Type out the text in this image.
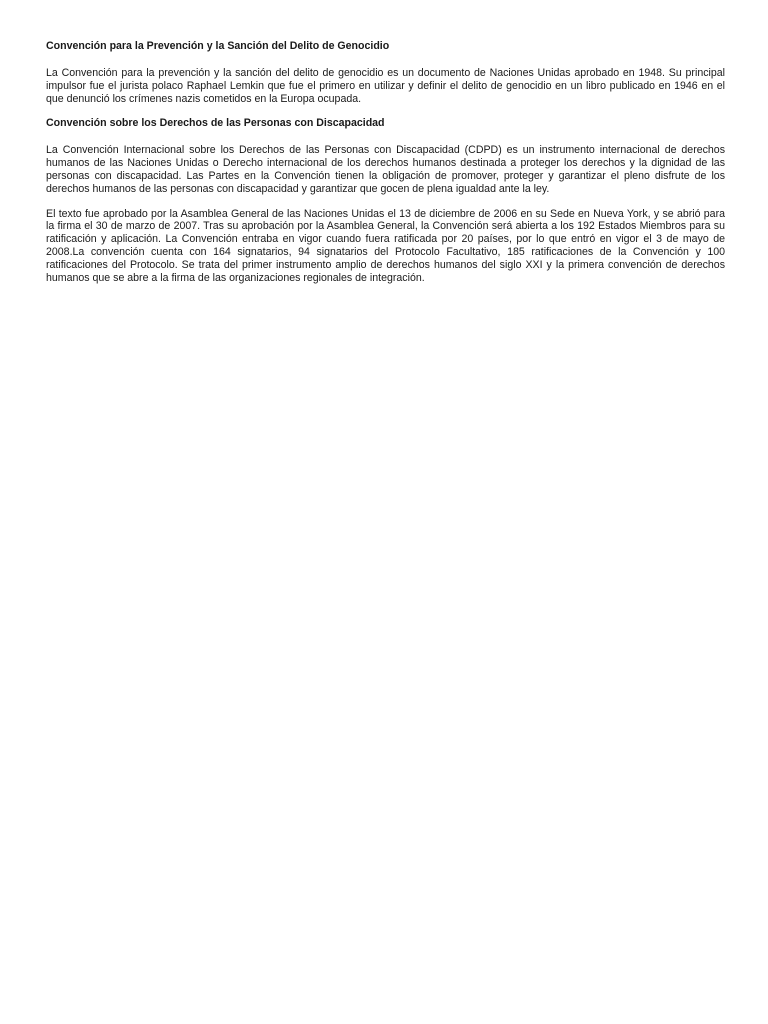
Convención para la Prevención y la Sanción del Delito de Genocidio

La Convención para la prevención y la sanción del delito de genocidio es un documento de Naciones Unidas aprobado en 1948. Su principal impulsor fue el jurista polaco Raphael Lemkin que fue el primero en utilizar y definir el delito de genocidio en un libro publicado en 1946 en el que denunció los crímenes nazis cometidos en la Europa ocupada.

Convención sobre los Derechos de las Personas con Discapacidad

La Convención Internacional sobre los Derechos de las Personas con Discapacidad (CDPD) es un instrumento internacional de derechos humanos de las Naciones Unidas o Derecho internacional de los derechos humanos destinada a proteger los derechos y la dignidad de las personas con discapacidad. Las Partes en la Convención tienen la obligación de promover, proteger y garantizar el pleno disfrute de los derechos humanos de las personas con discapacidad y garantizar que gocen de plena igualdad ante la ley.

El texto fue aprobado por la Asamblea General de las Naciones Unidas el 13 de diciembre de 2006 en su Sede en Nueva York, y se abrió para la firma el 30 de marzo de 2007. Tras su aprobación por la Asamblea General, la Convención será abierta a los 192 Estados Miembros para su ratificación y aplicación. La Convención entraba en vigor cuando fuera ratificada por 20 países, por lo que entró en vigor el 3 de mayo de 2008.La convención cuenta con 164 signatarios, 94 signatarios del Protocolo Facultativo, 185 ratificaciones de la Convención y 100 ratificaciones del Protocolo. Se trata del primer instrumento amplio de derechos humanos del siglo XXI y la primera convención de derechos humanos que se abre a la firma de las organizaciones regionales de integración.
